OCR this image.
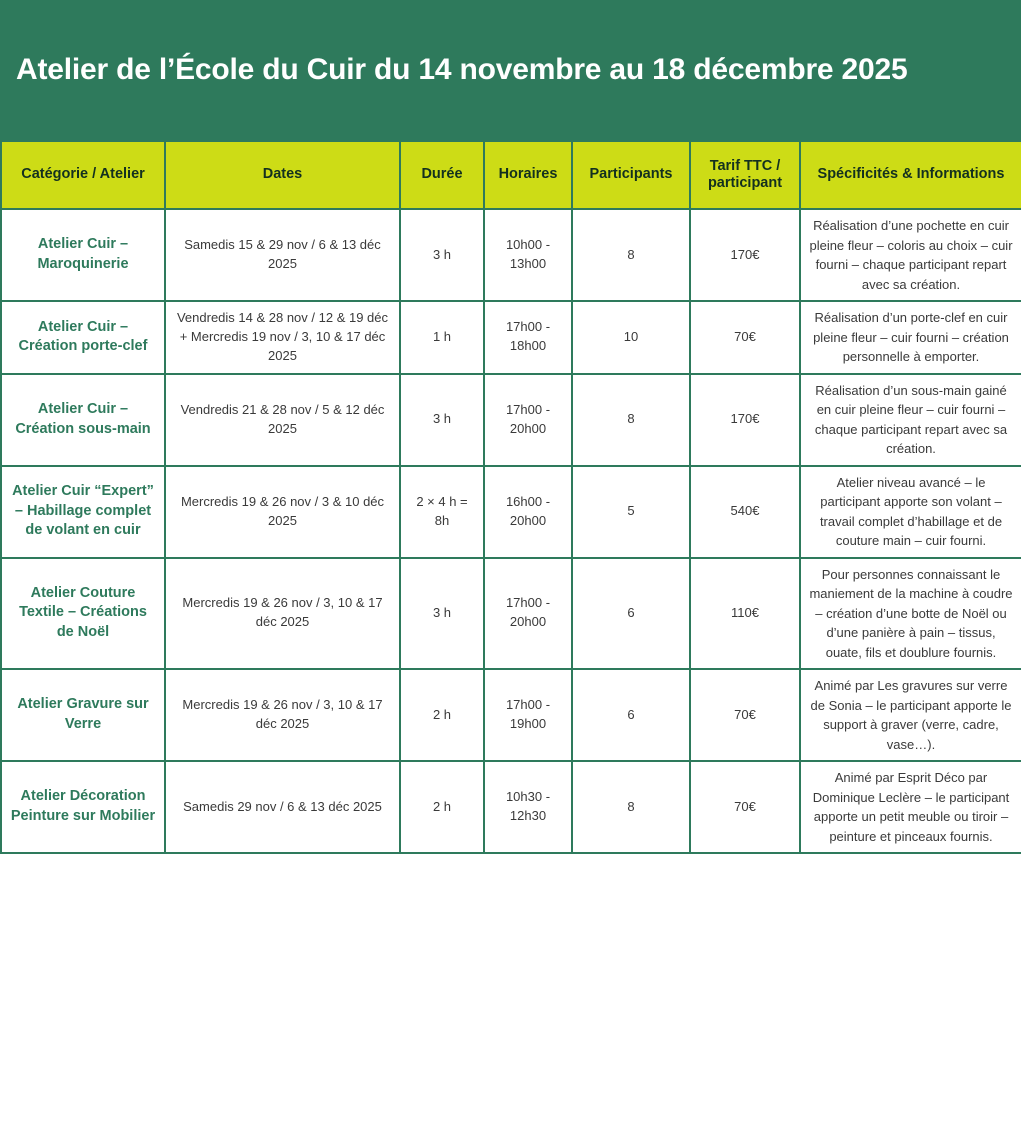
Atelier de l’École du Cuir du 14 novembre au 18 décembre 2025
Catégorie / Atelier	Dates	Durée	Horaires	Participants	Tarif TTC / participant	Spécificités & Informations
Atelier Cuir – Maroquinerie	Samedis 15 & 29 nov / 6 & 13 déc 2025	3 h	10h00 - 13h00	8	170€	Réalisation d’une pochette en cuir pleine fleur – coloris au choix – cuir fourni – chaque participant repart avec sa création.
Atelier Cuir – Création porte-clef	Vendredis 14 & 28 nov / 12 & 19 déc + Mercredis 19 nov / 3, 10 & 17 déc 2025	1 h	17h00 - 18h00	10	70€	Réalisation d’un porte-clef en cuir pleine fleur – cuir fourni – création personnelle à emporter.
Atelier Cuir – Création sous-main	Vendredis 21 & 28 nov / 5 & 12 déc 2025	3 h	17h00 - 20h00	8	170€	Réalisation d’un sous-main gainé en cuir pleine fleur – cuir fourni – chaque participant repart avec sa création.
Atelier Cuir “Expert” – Habillage complet de volant en cuir	Mercredis 19 & 26 nov / 3 & 10 déc 2025	2 × 4 h = 8h	16h00 - 20h00	5	540€	Atelier niveau avancé – le participant apporte son volant – travail complet d’habillage et de couture main – cuir fourni.
Atelier Couture Textile – Créations de Noël	Mercredis 19 & 26 nov / 3, 10 & 17 déc 2025	3 h	17h00 - 20h00	6	110€	Pour personnes connaissant le maniement de la machine à coudre – création d’une botte de Noël ou d’une panière à pain – tissus, ouate, fils et doublure fournis.
Atelier Gravure sur Verre	Mercredis 19 & 26 nov / 3, 10 & 17 déc 2025	2 h	17h00 - 19h00	6	70€	Animé par Les gravures sur verre de Sonia – le participant apporte le support à graver (verre, cadre, vase…).
Atelier Décoration Peinture sur Mobilier	Samedis 29 nov / 6 & 13 déc 2025	2 h	10h30 - 12h30	8	70€	Animé par Esprit Déco par Dominique Leclère – le participant apporte un petit meuble ou tiroir – peinture et pinceaux fournis.
